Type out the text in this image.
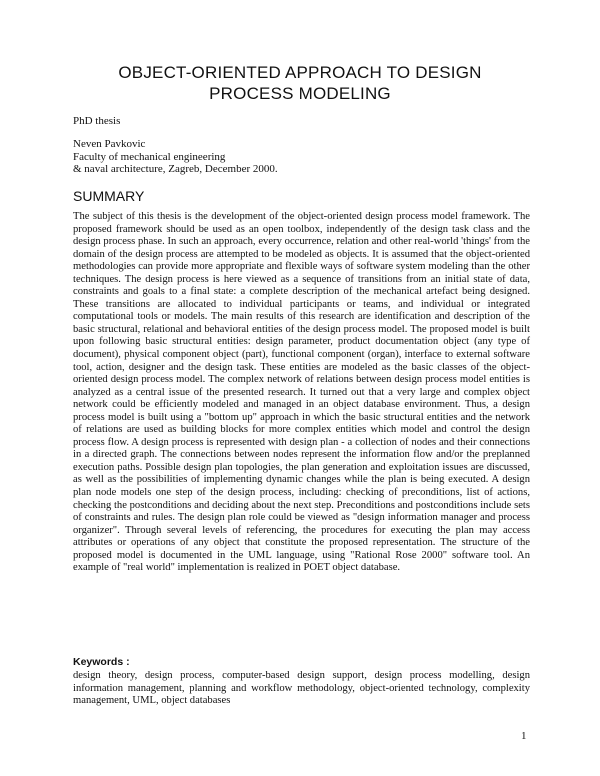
OBJECT-ORIENTED APPROACH TO DESIGN
PROCESS MODELING
PhD thesis
Neven Pavkovic
Faculty of mechanical engineering
& naval architecture, Zagreb, December 2000.
SUMMARY

The subject of this thesis is the development of the object-oriented design process model framework. The proposed framework should be used as an open toolbox, independently of the design task class and the design process phase. In such an approach, every occurrence, relation and other real-world 'things' from the domain of the design process are attempted to be modeled as objects. It is assumed that the object-oriented methodologies can provide more appropriate and flexible ways of software system modeling than the other techniques. The design process is here viewed as a sequence of transitions from an initial state of data, constraints and goals to a final state: a complete description of the mechanical artefact being designed. These transitions are allocated to individual participants or teams, and individual or integrated computational tools or models. The main results of this research are identification and description of the basic structural, relational and behavioral entities of the design process model. The proposed model is built upon following basic structural entities: design parameter, product documentation object (any type of document), physical component object (part), functional component (organ), interface to external software tool, action, designer and the design task. These entities are modeled as the basic classes of the object-oriented design process model. The complex network of relations between design process model entities is analyzed as a central issue of the presented research. It turned out that a very large and complex object network could be efficiently modeled and managed in an object database environment. Thus, a design process model is built using a "bottom up" approach in which the basic structural entities and the network of relations are used as building blocks for more complex entities which model and control the design process flow. A design process is represented with design plan - a collection of nodes and their connections in a directed graph. The connections between nodes represent the information flow and/or the preplanned execution paths. Possible design plan topologies, the plan generation and exploitation issues are discussed, as well as the possibilities of implementing dynamic changes while the plan is being executed. A design plan node models one step of the design process, including: checking of preconditions, list of actions, checking the postconditions and deciding about the next step. Preconditions and postconditions include sets of constraints and rules. The design plan role could be viewed as "design information manager and process organizer". Through several levels of referencing, the procedures for executing the plan may access attributes or operations of any object that constitute the proposed representation. The structure of the proposed model is documented in the UML language, using "Rational Rose 2000" software tool. An example of "real world" implementation is realized in POET object database.

Keywords :

design theory, design process, computer-based design support, design process modelling, design information management, planning and workflow methodology, object-oriented technology, complexity management, UML, object databases

1
